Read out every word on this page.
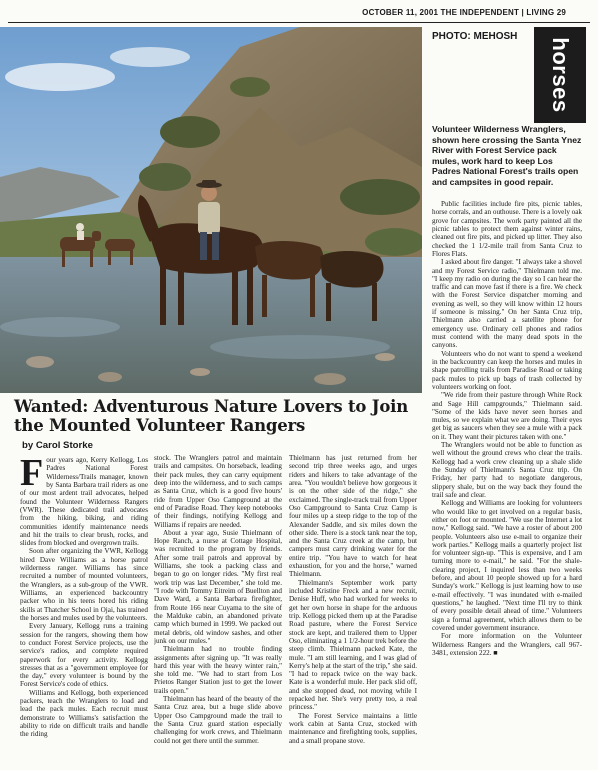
OCTOBER 11, 2001 THE INDEPENDENT | LIVING 29
PHOTO: MEHOSH
horses
Volunteer Wilderness Wranglers, shown here crossing the Santa Ynez River with Forest Service pack mules, work hard to keep Los Padres National Forest's trails open and campsites in good repair.
Wanted: Adventurous Nature Lovers to Join the Mounted Volunteer Rangers
by Carol Storke

Four years ago, Kerry Kellogg, Los Padres National Forest Wilderness/Trails manager, known by Santa Barbara trail riders as one of our most ardent trail advocates, helped found the Volunteer Wilderness Rangers (VWR). These dedicated trail advocates from the hiking, biking, and riding communities identify maintenance needs and hit the trails to clear brush, rocks, and slides from blocked and overgrown trails.

Soon after organizing the VWR, Kellogg hired Dave Williams as a horse patrol wilderness ranger. Williams has since recruited a number of mounted volunteers, the Wranglers, as a sub-group of the VWR. Williams, an experienced backcountry packer who in his teens hored his riding skills at Thatcher School in Ojai, has trained the horses and mules used by the volunteers.

Every January, Kellogg runs a training session for the rangers, showing them how to conduct Forest Service projects, use the service's radios, and complete required paperwork for every activity. Kellogg stresses that as a "government employee for the day," every volunteer is bound by the Forest Service's code of ethics.

Williams and Kellogg, both experienced packers, teach the Wranglers to load and lead the pack mules. Each recruit must demonstrate to Williams's satisfaction the ability to ride on difficult trails and handle the riding

stock. The Wranglers patrol and maintain trails and campsites. On horseback, leading their pack mules, they can carry equipment deep into the wilderness, and to such camps as Santa Cruz, which is a good five hours' ride from Upper Oso Campground at the end of Paradise Road. They keep notebooks of their findings, notifying Kellogg and Williams if repairs are needed.

About a year ago, Susie Thielmann of Hope Ranch, a nurse at Cottage Hospital, was recruited to the program by friends. After some trail patrols and approval by Williams, she took a packing class and began to go on longer rides. "My first real work trip was last December," she told me. "I rode with Tommy Eitreim of Buellton and Dave Ward, a Santa Barbara firefighter, from Route 166 near Cuyama to the site of the Malduke cabin, an abandoned private camp which burned in 1999. We packed out metal debris, old window sashes, and other junk on our mules."

Thielmann had no trouble finding assignments after signing up. "It was really hard this year with the heavy winter rain," she told me. "We had to start from Los Prietos Ranger Station just to get the lower trails open."

Thielmann has heard of the beauty of the Santa Cruz area, but a huge slide above Upper Oso Campground made the trail to the Santa Cruz guard station especially challenging for work crews, and Thielmann could not get there until the summer.

Thielmann has just returned from her second trip three weeks ago, and urges riders and hikers to take advantage of the area. "You wouldn't believe how gorgeous it is on the other side of the ridge," she exclaimed. The single-track trail from Upper Oso Campground to Santa Cruz Camp is four miles up a steep ridge to the top of the Alexander Saddle, and six miles down the other side. There is a stock tank near the top, and the Santa Cruz creek at the camp, but campers must carry drinking water for the entire trip. "You have to watch for heat exhaustion, for you and the horse," warned Thielmann.

Thielmann's September work party included Kristine Freck and a new recruit, Denise Huff, who had worked for weeks to get her own horse in shape for the arduous trip. Kellogg picked them up at the Paradise Road pasture, where the Forest Service stock are kept, and trailered them to Upper Oso, eliminating a 1 1/2-hour trek before the steep climb. Thielmann packed Kate, the mule. "I am still learning, and I was glad of Kerry's help at the start of the trip," she said. "I had to repack twice on the way back. Kate is a wonderful mule. Her pack slid off, and she stopped dead, not moving while I repacked her. She's very pretty too, a real princess."

The Forest Service maintains a little work cabin at Santa Cruz, stocked with maintenance and firefighting tools, supplies, and a small propane stove.

Public facilities include fire pits, picnic tables, horse corrals, and an outhouse. There is a lovely oak grove for campsites. The work party painted all the picnic tables to protect them against winter rains, cleaned out fire pits, and picked up litter. They also checked the 1 1/2-mile trail from Santa Cruz to Flores Flats.

I asked about fire danger. "I always take a shovel and my Forest Service radio," Thielmann told me. "I keep my radio on during the day so I can hear the traffic and can move fast if there is a fire. We check with the Forest Service dispatcher morning and evening as well, so they will know within 12 hours if someone is missing." On her Santa Cruz trip, Thielmann also carried a satellite phone for emergency use. Ordinary cell phones and radios must contend with the many dead spots in the canyons.

Volunteers who do not want to spend a weekend in the backcountry can keep the horses and mules in shape patrolling trails from Paradise Road or taking pack mules to pick up bags of trash collected by volunteers working on foot.

"We ride from their pasture through White Rock and Sage Hill campgrounds," Thielmann said. "Some of the kids have never seen horses and mules, so we explain what we are doing. Their eyes get big as saucers when they see a mule with a pack on it. They want their pictures taken with one."

The Wranglers would not be able to function as well without the ground crews who clear the trails. Kellogg had a work crew cleaning up a shale slide the Sunday of Thielmann's Santa Cruz trip. On Friday, her party had to negotiate dangerous, slippery shale, but on the way back they found the trail safe and clear.

Kellogg and Williams are looking for volunteers who would like to get involved on a regular basis, either on foot or mounted. "We use the Internet a lot now," Kellogg said. "We have a roster of about 200 people. Volunteers also use e-mail to organize their work parties." Kellogg mails a quarterly project list for volunteer sign-up. "This is expensive, and I am turning more to e-mail," he said. "For the shale-clearing project, I inquired less than two weeks before, and about 10 people showed up for a hard Sunday's work." Kellogg is just learning how to use e-mail effectively. "I was inundated with e-mailed questions," he laughed. "Next time I'll try to think of every possible detail ahead of time." Volunteers sign a formal agreement, which allows them to be covered under government insurance.

For more information on the Volunteer Wilderness Rangers and the Wranglers, call 967-3481, extension 222. ■
